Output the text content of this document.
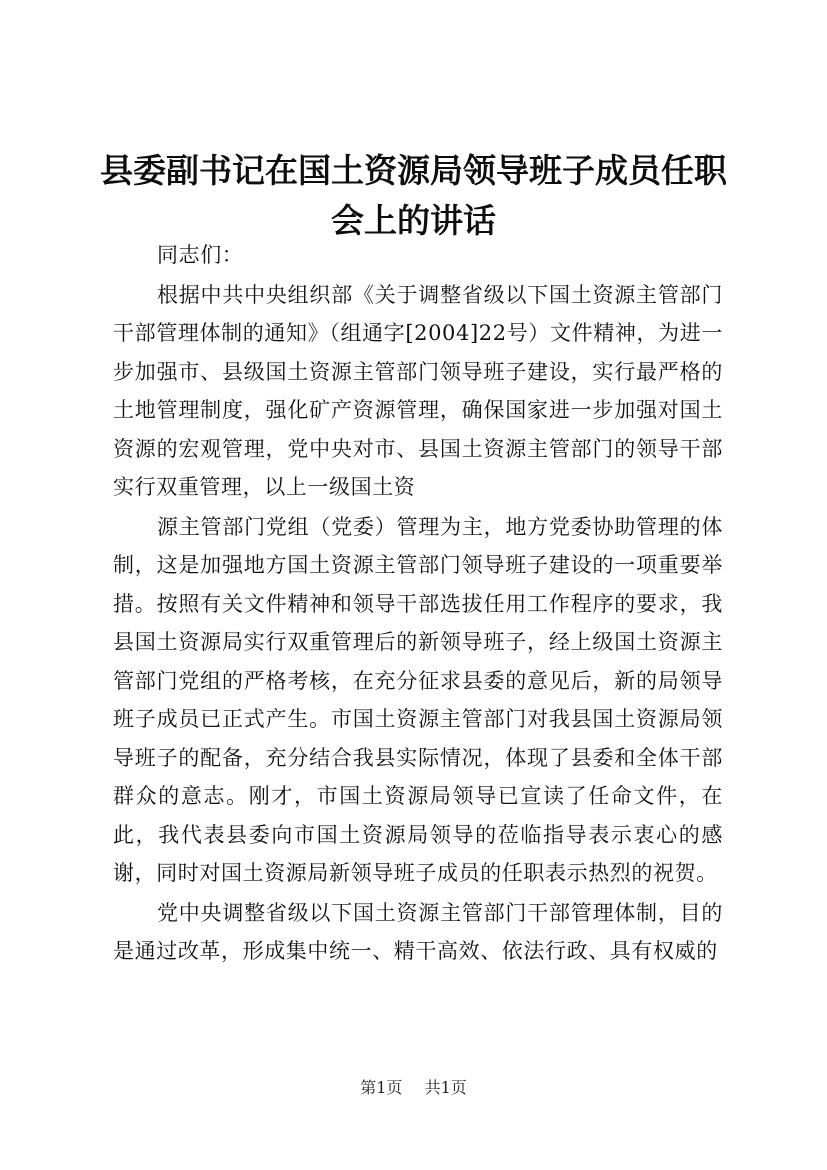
县委副书记在国土资源局领导班子成员任职会上的讲话

同志们：

根据中共中央组织部《关于调整省级以下国土资源主管部门干部管理体制的通知》（组通字[2004]22号）文件精神，为进一步加强市、县级国土资源主管部门领导班子建设，实行最严格的土地管理制度，强化矿产资源管理，确保国家进一步加强对国土资源的宏观管理，党中央对市、县国土资源主管部门的领导干部实行双重管理，以上一级国土资

源主管部门党组（党委）管理为主，地方党委协助管理的体制，这是加强地方国土资源主管部门领导班子建设的一项重要举措。按照有关文件精神和领导干部选拔任用工作程序的要求，我县国土资源局实行双重管理后的新领导班子，经上级国土资源主管部门党组的严格考核，在充分征求县委的意见后，新的局领导班子成员已正式产生。市国土资源主管部门对我县国土资源局领导班子的配备，充分结合我县实际情况，体现了县委和全体干部群众的意志。刚才，市国土资源局领导已宣读了任命文件，在此，我代表县委向市国土资源局领导的莅临指导表示衷心的感谢，同时对国土资源局新领导班子成员的任职表示热烈的祝贺。

党中央调整省级以下国土资源主管部门干部管理体制，目的是通过改革，形成集中统一、精干高效、依法行政、具有权威的

第1页 共1页
